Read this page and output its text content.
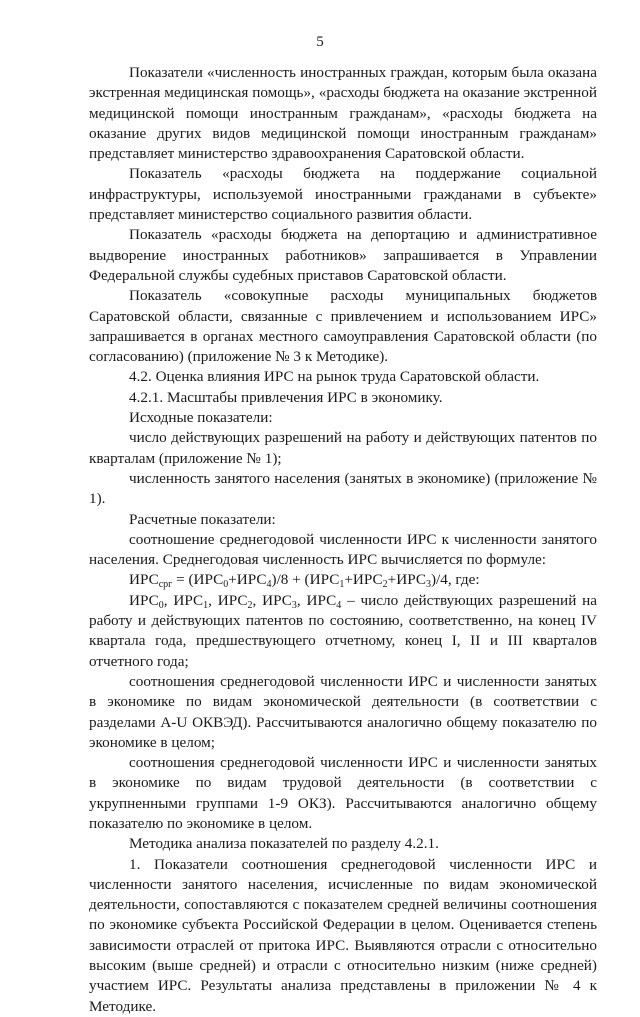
5

Показатели «численность иностранных граждан, которым была оказана экстренная медицинская помощь», «расходы бюджета на оказание экстренной медицинской помощи иностранным гражданам», «расходы бюджета на оказание других видов медицинской помощи иностранным гражданам» представляет министерство здравоохранения Саратовской области.

Показатель «расходы бюджета на поддержание социальной инфраструктуры, используемой иностранными гражданами в субъекте» представляет министерство социального развития области.

Показатель «расходы бюджета на депортацию и административное выдворение иностранных работников» запрашивается в Управлении Федеральной службы судебных приставов Саратовской области.

Показатель «совокупные расходы муниципальных бюджетов Саратовской области, связанные с привлечением и использованием ИРС» запрашивается в органах местного самоуправления Саратовской области (по согласованию) (приложение № 3 к Методике).

4.2. Оценка влияния ИРС на рынок труда Саратовской области.

4.2.1. Масштабы привлечения ИРС в экономику.

Исходные показатели:

число действующих разрешений на работу и действующих патентов по кварталам (приложение № 1);

численность занятого населения (занятых в экономике) (приложение № 1).

Расчетные показатели:

соотношение среднегодовой численности ИРС к численности занятого населения. Среднегодовая численность ИРС вычисляется по формуле:

$ИРС_{срг} = (ИРС_0+ИРС_4)/8 + (ИРС_1+ИРС_2+ИРС_3)/4$, где:

$ИРС_0$, $ИРС_1$, $ИРС_2$, $ИРС_3$, $ИРС_4$ – число действующих разрешений на работу и действующих патентов по состоянию, соответственно, на конец IV квартала года, предшествующего отчетному, конец I, II и III кварталов отчетного года;

соотношения среднегодовой численности ИРС и численности занятых в экономике по видам экономической деятельности (в соответствии с разделами A-U ОКВЭД). Рассчитываются аналогично общему показателю по экономике в целом;

соотношения среднегодовой численности ИРС и численности занятых в экономике по видам трудовой деятельности (в соответствии с укрупненными группами 1-9 ОКЗ). Рассчитываются аналогично общему показателю по экономике в целом.

Методика анализа показателей по разделу 4.2.1.

1. Показатели соотношения среднегодовой численности ИРС и численности занятого населения, исчисленные по видам экономической деятельности, сопоставляются с показателем средней величины соотношения по экономике субъекта Российской Федерации в целом. Оценивается степень зависимости отраслей от притока ИРС. Выявляются отрасли с относительно высоким (выше средней) и отрасли с относительно низким (ниже средней) участием ИРС. Результаты анализа представлены в приложении № 4 к Методике.
